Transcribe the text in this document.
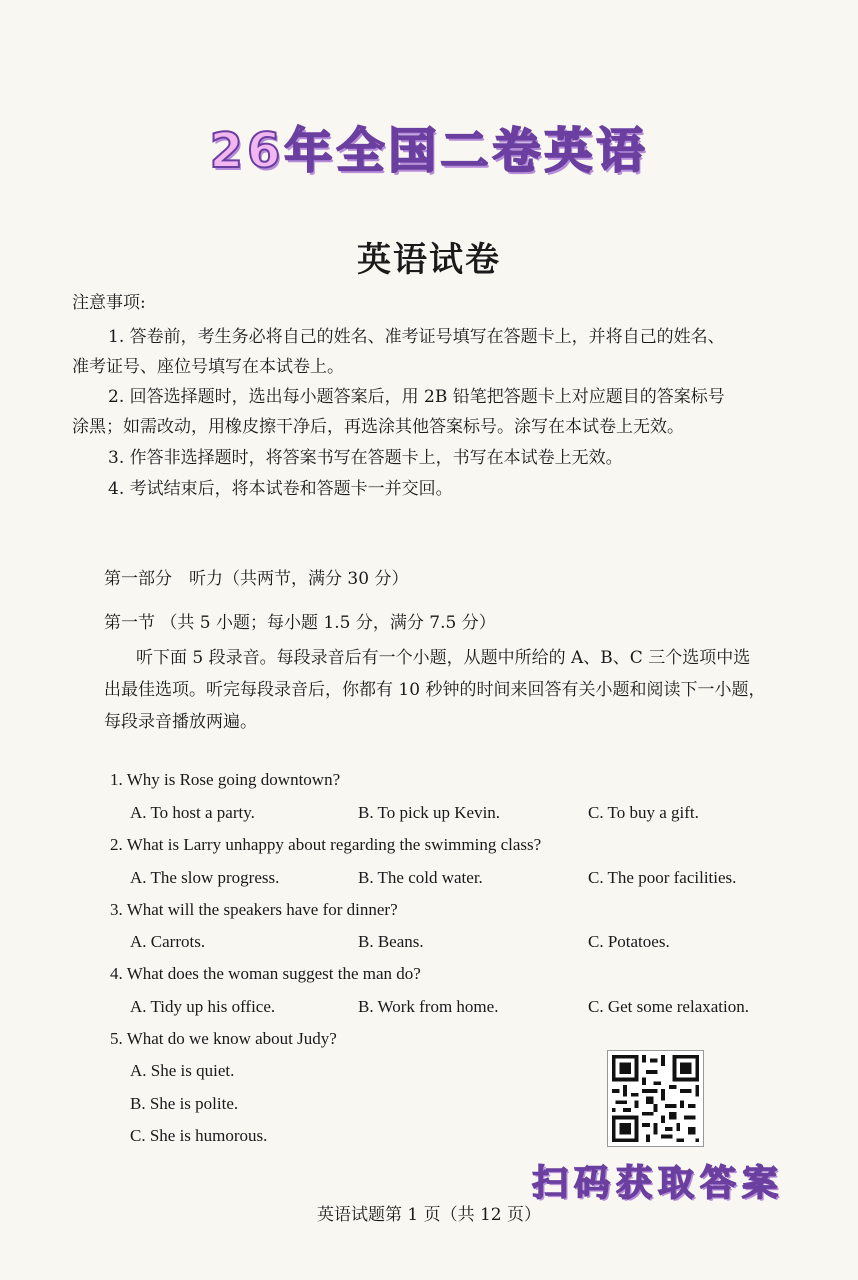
26年全国二卷英语
英语试卷
注意事项:
1. 答卷前，考生务必将自己的姓名、准考证号填写在答题卡上，并将自己的姓名、
准考证号、座位号填写在本试卷上。
2. 回答选择题时，选出每小题答案后，用 2B 铅笔把答题卡上对应题目的答案标号
涂黑；如需改动，用橡皮擦干净后，再选涂其他答案标号。涂写在本试卷上无效。
3. 作答非选择题时，将答案书写在答题卡上，书写在本试卷上无效。
4. 考试结束后，将本试卷和答题卡一并交回。
第一部分　听力（共两节，满分 30 分）
第一节 （共 5 小题；每小题 1.5 分，满分 7.5 分）
听下面 5 段录音。每段录音后有一个小题，从题中所给的 A、B、C 三个选项中选
出最佳选项。听完每段录音后，你都有 10 秒钟的时间来回答有关小题和阅读下一小题，
每段录音播放两遍。
1. Why is Rose going downtown?
A. To host a party.	B. To pick up Kevin.	C. To buy a gift.
2. What is Larry unhappy about regarding the swimming class?
A. The slow progress.	B. The cold water.	C. The poor facilities.
3. What will the speakers have for dinner?
A. Carrots.	B. Beans.	C. Potatoes.
4. What does the woman suggest the man do?
A. Tidy up his office.	B. Work from home.	C. Get some relaxation.
5. What do we know about Judy?
A. She is quiet.
B. She is polite.
C. She is humorous.
扫码获取答案
英语试题第 1 页（共 12 页）
